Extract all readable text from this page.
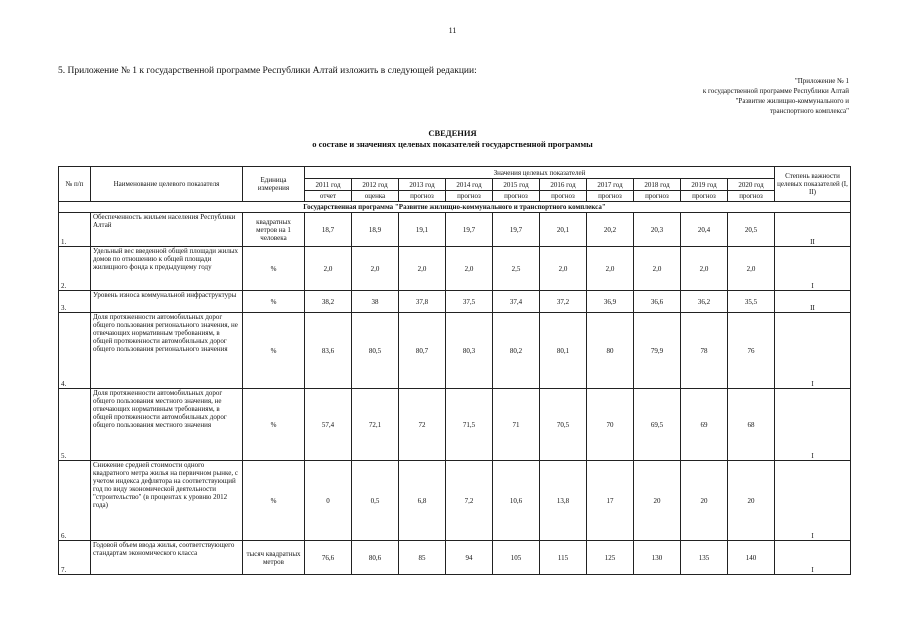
11
5. Приложение № 1 к государственной программе Республики Алтай изложить в следующей редакции:
"Приложение № 1
к государственной программе Республики Алтай
"Развитие жилищно-коммунального и
транспортного комплекса"
СВЕДЕНИЯ
о составе и значениях целевых показателей государственной программы
№ п/п	Наименование целевого показателя	Единица измерения	Значения целевых показателей										Степень важности целевых показателей (I, II)
			2011 год	2012 год	2013 год	2014 год	2015 год	2016 год	2017 год	2018 год	2019 год	2020 год	
			отчет	оценка	прогноз	прогноз	прогноз	прогноз	прогноз	прогноз	прогноз	прогноз	
Государственная программа "Развитие жилищно-коммунального и транспортного комплекса"													
1.	Обеспеченность жильем населения Республики Алтай	квадратных метров на 1 человека	18,7	18,9	19,1	19,7	19,7	20,1	20,2	20,3	20,4	20,5	II
2.	Удельный вес введенной общей площади жилых домов по отношению к общей площади жилищного фонда к предыдущему году	%	2,0	2,0	2,0	2,0	2,5	2,0	2,0	2,0	2,0	2,0	I
3.	Уровень износа коммунальной инфраструктуры	%	38,2	38	37,8	37,5	37,4	37,2	36,9	36,6	36,2	35,5	II
4.	Доля протяженности автомобильных дорог общего пользования регионального значения, не отвечающих нормативным требованиям, в общей протяженности автомобильных дорог общего пользования регионального значения	%	83,6	80,5	80,7	80,3	80,2	80,1	80	79,9	78	76	I
5.	Доля протяженности автомобильных дорог общего пользования местного значения, не отвечающих нормативным требованиям, в общей протяженности автомобильных дорог общего пользования местного значения	%	57,4	72,1	72	71,5	71	70,5	70	69,5	69	68	I
6.	Снижение средней стоимости одного квадратного метра жилья на первичном рынке, с учетом индекса дефлятора на соответствующий год по виду экономической деятельности "строительство" (в процентах к уровню 2012 года)	%	0	0,5	6,8	7,2	10,6	13,8	17	20	20	20	I
7.	Годовой объем ввода жилья, соответствующего стандартам экономического класса	тысяч квадратных метров	76,6	80,6	85	94	105	115	125	130	135	140	I
